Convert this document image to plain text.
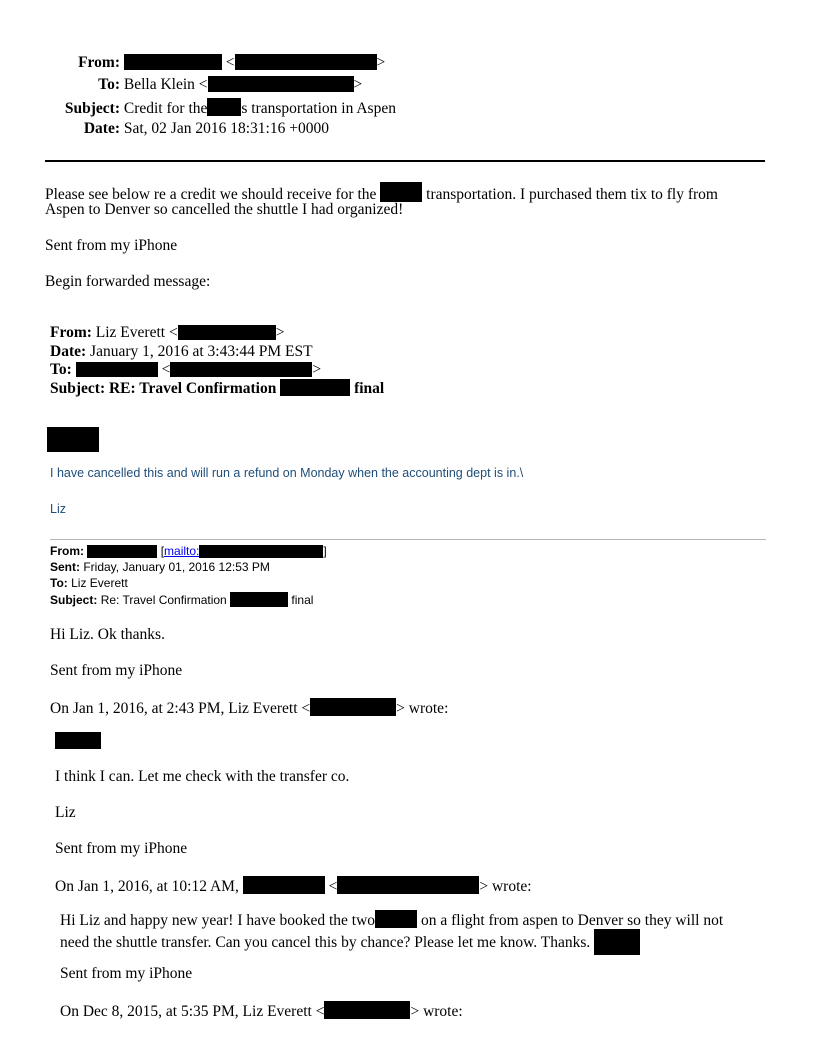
From:	<	>
To: Bella Klein <	>
Subject: Credit for the s transportation in Aspen
Date: Sat, 02 Jan 2016 18:31:16 +0000
Please see below re a credit we should receive for the	transportation. I purchased them tix to fly from
Aspen to Denver so cancelled the shuttle I had organized!
Sent from my iPhone
Begin forwarded message:
From: Liz Everett <	>
Date: January 1, 2016 at 3:43:44 PM EST
To:	<	>
Subject: RE: Travel Confirmation	final
I have cancelled this and will run a refund on Monday when the accounting dept is in.\
Liz
From:	[mailto:	]
Sent: Friday, January 01, 2016 12:53 PM
To: Liz Everett
Subject: Re: Travel Confirmation	final
Hi Liz. Ok thanks.
Sent from my iPhone
On Jan 1, 2016, at 2:43 PM, Liz Everett <	> wrote:
I think I can. Let me check with the transfer co.
Liz
Sent from my iPhone
On Jan 1, 2016, at 10:12 AM,	<	> wrote:
Hi Liz and happy new year! I have booked the two	on a flight from aspen to Denver so they will not
need the shuttle transfer. Can you cancel this by chance? Please let me know. Thanks.
Sent from my iPhone
On Dec 8, 2015, at 5:35 PM, Liz Everett <	> wrote:
